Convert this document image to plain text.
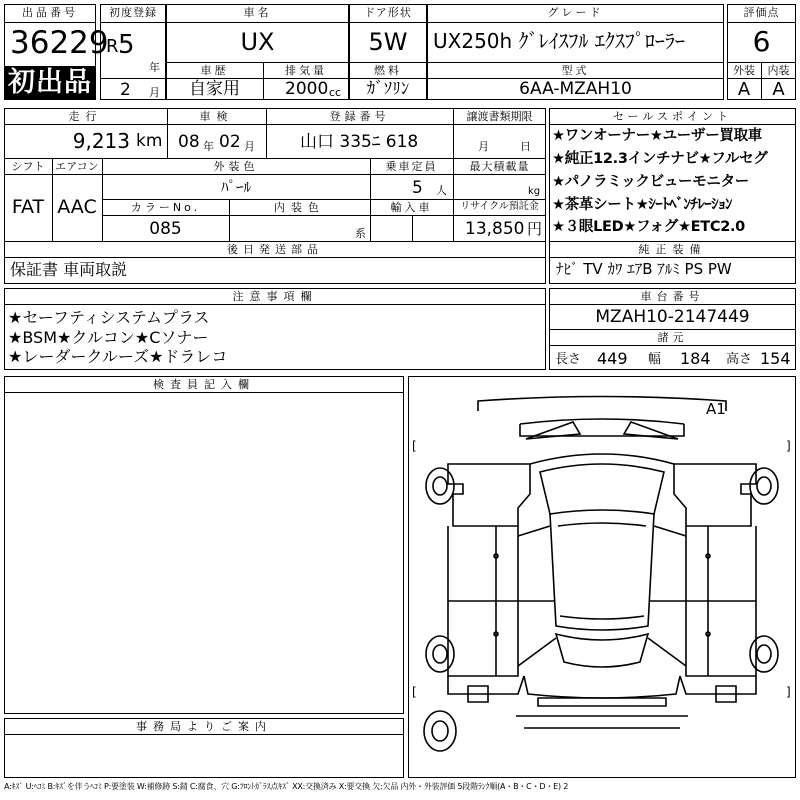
出品番号
36229
初出品
初度登録
R 5
年
2 月
車名
UX
車歴
自家用
排気量
2000 cc
ドア形状
5W
燃料
ｶﾞｿﾘﾝ
グレード
UX250h ｸﾞﾚｲｽﾌﾙ ｴｸｽﾌﾟﾛｰﾗｰ
型式
6AA-MZAH10
評価点
6
外装	内装
A	A
走行
9,213 km
車検
08 年 02 月
登録番号
山口 335ﾆ 618
譲渡書類期限
月	日
シフト エアコン
FAT AAC
外装色
ﾊﾟｰﾙ
乗車定員
5 人
最大積載量
kg
カラーNo.
085
内装色
系
輸入車	リサイクル預託金
13,850 円
後日発送部品
保証書 車両取説
セールスポイント
★ワンオーナー★ユーザー買取車
★純正12.3インチナビ★フルセグ
★パノラミックビューモニター
★茶革シート★ｼｰﾄﾍﾞﾝﾁﾚｰｼｮﾝ
★３眼LED★フォグ★ETC2.0
純正装備
ﾅﾋﾞ TV ｶﾜ ｴｱB ｱﾙﾐ PS PW
注意事項欄
★セーフティシステムプラス
★BSM★クルコン★Cソナー
★レーダークルーズ★ドラレコ
車台番号
MZAH10-2147449
諸元
長さ 449 幅 184 高さ 154
検査員記入欄
事務局よりご案内
A1
[	]
[	]
A:ｷｽﾞ U:ﾍｺﾐ B:ｷｽﾞを伴うﾍｺﾐ P:要塗装 W:補修跡 S:錆 C:腐食、穴 G:ﾌﾛﾝﾄｶﾞﾗｽ点ｷｽﾞ XX:交換済み X:要交換 欠:欠品 内外・外装評価 5段階ﾗﾝｸ順(A・B・C・D・E) 2
